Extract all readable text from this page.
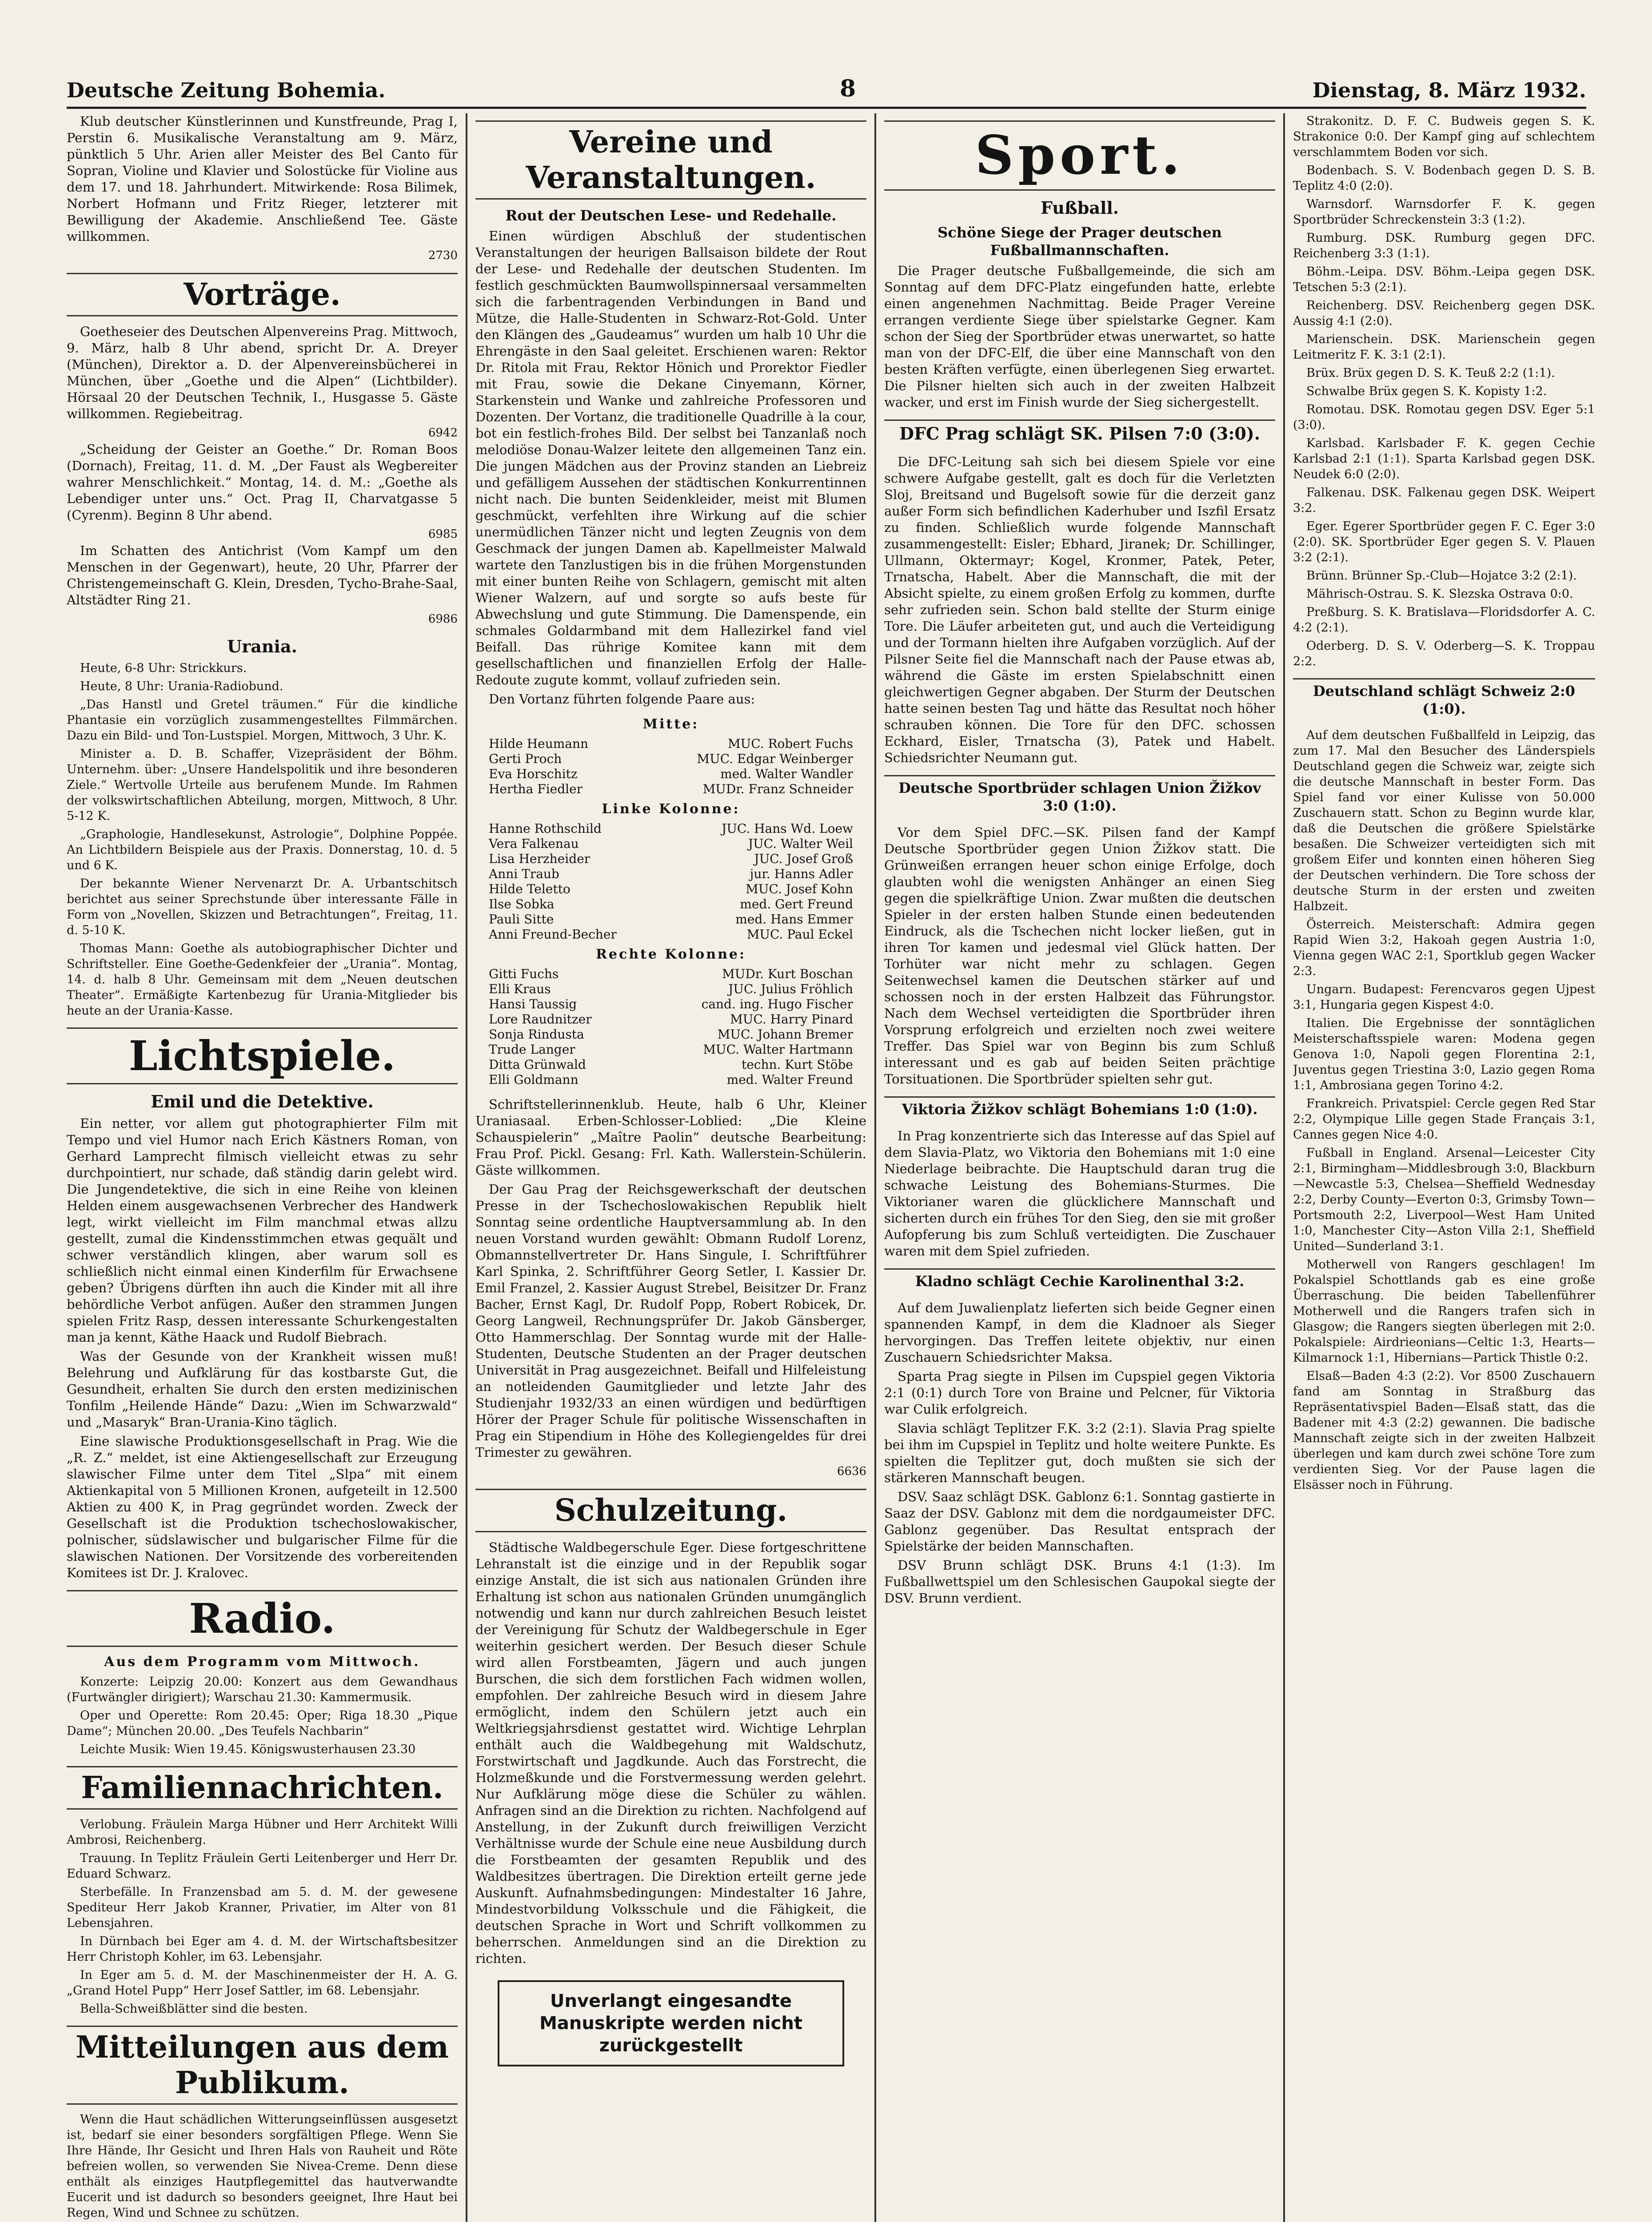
Deutsche Zeitung Bohemia.	8	Dienstag, 8. März 1932.

Klub deutscher Künstlerinnen und Kunstfreunde, Prag I, Perstin 6. Musikalische Veranstaltung am 9. März, pünktlich 5 Uhr. Arien aller Meister des Bel Canto für Sopran, Violine und Klavier und Solostücke für Violine aus dem 17. und 18. Jahrhundert. Mitwirkende: Rosa Bilimek, Norbert Hofmann und Fritz Rieger, letzterer mit Bewilligung der Akademie. Anschließend Tee. Gäste willkommen.

2730
Vorträge.

Goetheseier des Deutschen Alpenvereins Prag. Mittwoch, 9. März, halb 8 Uhr abend, spricht Dr. A. Dreyer (München), Direktor a. D. der Alpenvereinsbücherei in München, über „Goethe und die Alpen“ (Lichtbilder). Hörsaal 20 der Deutschen Technik, I., Husgasse 5. Gäste willkommen. Regiebeitrag.

6942

„Scheidung der Geister an Goethe.“ Dr. Roman Boos (Dornach), Freitag, 11. d. M. „Der Faust als Wegbereiter wahrer Menschlichkeit.“ Montag, 14. d. M.: „Goethe als Lebendiger unter uns.“ Oct. Prag II, Charvatgasse 5 (Cyrenm). Beginn 8 Uhr abend.

6985

Im Schatten des Antichrist (Vom Kampf um den Menschen in der Gegenwart), heute, 20 Uhr, Pfarrer der Christengemeinschaft G. Klein, Dresden, Tycho-Brahe-Saal, Altstädter Ring 21.

6986
Urania.

Heute, 6-8 Uhr: Strickkurs.

Heute, 8 Uhr: Urania-Radiobund.

„Das Hanstl und Gretel träumen.“ Für die kindliche Phantasie ein vorzüglich zusammengestelltes Filmmärchen. Dazu ein Bild- und Ton-Lustspiel. Morgen, Mittwoch, 3 Uhr. K.

Minister a. D. B. Schaffer, Vizepräsident der Böhm. Unternehm. über: „Unsere Handelspolitik und ihre besonderen Ziele.“ Wertvolle Urteile aus berufenem Munde. Im Rahmen der volkswirtschaftlichen Abteilung, morgen, Mittwoch, 8 Uhr. 5-12 K.

„Graphologie, Handlesekunst, Astrologie“, Dolphine Poppée. An Lichtbildern Beispiele aus der Praxis. Donnerstag, 10. d. 5 und 6 K.

Der bekannte Wiener Nervenarzt Dr. A. Urbantschitsch berichtet aus seiner Sprechstunde über interessante Fälle in Form von „Novellen, Skizzen und Betrachtungen“, Freitag, 11. d. 5-10 K.

Thomas Mann: Goethe als autobiographischer Dichter und Schriftsteller. Eine Goethe-Gedenkfeier der „Urania“. Montag, 14. d. halb 8 Uhr. Gemeinsam mit dem „Neuen deutschen Theater“. Ermäßigte Kartenbezug für Urania-Mitglieder bis heute an der Urania-Kasse.

Lichtspiele.
Emil und die Detektive.

Ein netter, vor allem gut photographierter Film mit Tempo und viel Humor nach Erich Kästners Roman, von Gerhard Lamprecht filmisch vielleicht etwas zu sehr durchpointiert, nur schade, daß ständig darin gelebt wird. Die Jungendetektive, die sich in eine Reihe von kleinen Helden einem ausgewachsenen Verbrecher des Handwerk legt, wirkt vielleicht im Film manchmal etwas allzu gestellt, zumal die Kindensstimmchen etwas gequält und schwer verständlich klingen, aber warum soll es schließlich nicht einmal einen Kinderfilm für Erwachsene geben? Übrigens dürften ihn auch die Kinder mit all ihre behördliche Verbot anfügen. Außer den strammen Jungen spielen Fritz Rasp, dessen interessante Schurkengestalten man ja kennt, Käthe Haack und Rudolf Biebrach.

Was der Gesunde von der Krankheit wissen muß! Belehrung und Aufklärung für das kostbarste Gut, die Gesundheit, erhalten Sie durch den ersten medizinischen Tonfilm „Heilende Hände“ Dazu: „Wien im Schwarzwald“ und „Masaryk“ Bran-Urania-Kino täglich.

Eine slawische Produktionsgesellschaft in Prag. Wie die „R. Z.“ meldet, ist eine Aktiengesellschaft zur Erzeugung slawischer Filme unter dem Titel „Slpa“ mit einem Aktienkapital von 5 Millionen Kronen, aufgeteilt in 12.500 Aktien zu 400 K, in Prag gegründet worden. Zweck der Gesellschaft ist die Produktion tschechoslowakischer, polnischer, südslawischer und bulgarischer Filme für die slawischen Nationen. Der Vorsitzende des vorbereitenden Komitees ist Dr. J. Kralovec.

Radio.
Aus dem Programm vom Mittwoch.

Konzerte: Leipzig 20.00: Konzert aus dem Gewandhaus (Furtwängler dirigiert); Warschau 21.30: Kammermusik.

Oper und Operette: Rom 20.45: Oper; Riga 18.30 „Pique Dame“; München 20.00. „Des Teufels Nachbarin“

Leichte Musik: Wien 19.45. Königswusterhausen 23.30

Familiennachrichten.

Verlobung. Fräulein Marga Hübner und Herr Architekt Willi Ambrosi, Reichenberg.

Trauung. In Teplitz Fräulein Gerti Leitenberger und Herr Dr. Eduard Schwarz.

Sterbefälle. In Franzensbad am 5. d. M. der gewesene Spediteur Herr Jakob Kranner, Privatier, im Alter von 81 Lebensjahren.

In Dürnbach bei Eger am 4. d. M. der Wirtschaftsbesitzer Herr Christoph Kohler, im 63. Lebensjahr.

In Eger am 5. d. M. der Maschinenmeister der H. A. G. „Grand Hotel Pupp“ Herr Josef Sattler, im 68. Lebensjahr.

Bella-Schweißblätter sind die besten.

Mitteilungen aus dem Publikum.

Wenn die Haut schädlichen Witterungseinflüssen ausgesetzt ist, bedarf sie einer besonders sorgfältigen Pflege. Wenn Sie Ihre Hände, Ihr Gesicht und Ihren Hals von Rauheit und Röte befreien wollen, so verwenden Sie Nivea-Creme. Denn diese enthält als einziges Hautpflegemittel das hautverwandte Eucerit und ist dadurch so besonders geeignet, Ihre Haut bei Regen, Wind und Schnee zu schützen.

Vereine und Veranstaltungen.
Rout der Deutschen Lese- und Redehalle.

Einen würdigen Abschluß der studentischen Veranstaltungen der heurigen Ballsaison bildete der Rout der Lese- und Redehalle der deutschen Studenten. Im festlich geschmückten Baumwollspinnersaal versammelten sich die farbentragenden Verbindungen in Band und Mütze, die Halle-Studenten in Schwarz-Rot-Gold. Unter den Klängen des „Gaudeamus“ wurden um halb 10 Uhr die Ehrengäste in den Saal geleitet. Erschienen waren: Rektor Dr. Ritola mit Frau, Rektor Hönich und Prorektor Fiedler mit Frau, sowie die Dekane Cinyemann, Körner, Starkenstein und Wanke und zahlreiche Professoren und Dozenten. Der Vortanz, die traditionelle Quadrille à la cour, bot ein festlich-frohes Bild. Der selbst bei Tanzanlaß noch melodiöse Donau-Walzer leitete den allgemeinen Tanz ein. Die jungen Mädchen aus der Provinz standen an Liebreiz und gefälligem Aussehen der städtischen Konkurrentinnen nicht nach. Die bunten Seidenkleider, meist mit Blumen geschmückt, verfehlten ihre Wirkung auf die schier unermüdlichen Tänzer nicht und legten Zeugnis von dem Geschmack der jungen Damen ab. Kapellmeister Malwald wartete den Tanzlustigen bis in die frühen Morgenstunden mit einer bunten Reihe von Schlagern, gemischt mit alten Wiener Walzern, auf und sorgte so aufs beste für Abwechslung und gute Stimmung. Die Damenspende, ein schmales Goldarmband mit dem Hallezirkel fand viel Beifall. Das rührige Komitee kann mit dem gesellschaftlichen und finanziellen Erfolg der Halle-Redoute zugute kommt, vollauf zufrieden sein.

Den Vortanz führten folgende Paare aus:

Mitte:
Hilde Heumann	MUC. Robert Fuchs
Gerti Proch	MUC. Edgar Weinberger
Eva Horschitz	med. Walter Wandler
Hertha Fiedler	MUDr. Franz Schneider
Linke Kolonne:
Hanne Rothschild	JUC. Hans Wd. Loew
Vera Falkenau	JUC. Walter Weil
Lisa Herzheider	JUC. Josef Groß
Anni Traub	jur. Hanns Adler
Hilde Teletto	MUC. Josef Kohn
Ilse Sobka	med. Gert Freund
Pauli Sitte	med. Hans Emmer
Anni Freund-Becher	MUC. Paul Eckel
Rechte Kolonne:
Gitti Fuchs	MUDr. Kurt Boschan
Elli Kraus	JUC. Julius Fröhlich
Hansi Taussig	cand. ing. Hugo Fischer
Lore Raudnitzer	MUC. Harry Pinard
Sonja Rindusta	MUC. Johann Bremer
Trude Langer	MUC. Walter Hartmann
Ditta Grünwald	techn. Kurt Stöbe
Elli Goldmann	med. Walter Freund

Schriftstellerinnenklub. Heute, halb 6 Uhr, Kleiner Uraniasaal. Erben-Schlosser-Loblied: „Die Kleine Schauspielerin“ „Maître Paolin“ deutsche Bearbeitung: Frau Prof. Pickl. Gesang: Frl. Kath. Wallerstein-Schülerin. Gäste willkommen.

Der Gau Prag der Reichsgewerkschaft der deutschen Presse in der Tschechoslowakischen Republik hielt Sonntag seine ordentliche Hauptversammlung ab. In den neuen Vorstand wurden gewählt: Obmann Rudolf Lorenz, Obmannstellvertreter Dr. Hans Singule, I. Schriftführer Karl Spinka, 2. Schriftführer Georg Setler, I. Kassier Dr. Emil Franzel, 2. Kassier August Strebel, Beisitzer Dr. Franz Bacher, Ernst Kagl, Dr. Rudolf Popp, Robert Robicek, Dr. Georg Langweil, Rechnungsprüfer Dr. Jakob Gänsberger, Otto Hammerschlag. Der Sonntag wurde mit der Halle-Studenten, Deutsche Studenten an der Prager deutschen Universität in Prag ausgezeichnet. Beifall und Hilfeleistung an notleidenden Gaumitglieder und letzte Jahr des Studienjahr 1932/33 an einen würdigen und bedürftigen Hörer der Prager Schule für politische Wissenschaften in Prag ein Stipendium in Höhe des Kollegiengeldes für drei Trimester zu gewähren.

6636
Schulzeitung.

Städtische Waldbegerschule Eger. Diese fortgeschrittene Lehranstalt ist die einzige und in der Republik sogar einzige Anstalt, die ist sich aus nationalen Gründen ihre Erhaltung ist schon aus nationalen Gründen unumgänglich notwendig und kann nur durch zahlreichen Besuch leistet der Vereinigung für Schutz der Waldbegerschule in Eger weiterhin gesichert werden. Der Besuch dieser Schule wird allen Forstbeamten, Jägern und auch jungen Burschen, die sich dem forstlichen Fach widmen wollen, empfohlen. Der zahlreiche Besuch wird in diesem Jahre ermöglicht, indem den Schülern jetzt auch ein Weltkriegsjahrsdienst gestattet wird. Wichtige Lehrplan enthält auch die Waldbegehung mit Waldschutz, Forstwirtschaft und Jagdkunde. Auch das Forstrecht, die Holzmeßkunde und die Forstvermessung werden gelehrt. Nur Aufklärung möge diese die Schüler zu wählen. Anfragen sind an die Direktion zu richten. Nachfolgend auf Anstellung, in der Zukunft durch freiwilligen Verzicht Verhältnisse wurde der Schule eine neue Ausbildung durch die Forstbeamten der gesamten Republik und des Waldbesitzes übertragen. Die Direktion erteilt gerne jede Auskunft. Aufnahmsbedingungen: Mindestalter 16 Jahre, Mindestvorbildung Volksschule und die Fähigkeit, die deutschen Sprache in Wort und Schrift vollkommen zu beherrschen. Anmeldungen sind an die Direktion zu richten.

Unverlangt eingesandte Manuskripte werden nicht zurückgestellt
Sport.
Fußball.
Schöne Siege der Prager deutschen Fußballmannschaften.

Die Prager deutsche Fußballgemeinde, die sich am Sonntag auf dem DFC-Platz eingefunden hatte, erlebte einen angenehmen Nachmittag. Beide Prager Vereine errangen verdiente Siege über spielstarke Gegner. Kam schon der Sieg der Sportbrüder etwas unerwartet, so hatte man von der DFC-Elf, die über eine Mannschaft von den besten Kräften verfügte, einen überlegenen Sieg erwartet. Die Pilsner hielten sich auch in der zweiten Halbzeit wacker, und erst im Finish wurde der Sieg sichergestellt.

DFC Prag schlägt SK. Pilsen 7:0 (3:0).

Die DFC-Leitung sah sich bei diesem Spiele vor eine schwere Aufgabe gestellt, galt es doch für die Verletzten Sloj, Breitsand und Bugelsoft sowie für die derzeit ganz außer Form sich befindlichen Kaderhuber und Iszfil Ersatz zu finden. Schließlich wurde folgende Mannschaft zusammengestellt: Eisler; Ebhard, Jiranek; Dr. Schillinger, Ullmann, Oktermayr; Kogel, Kronmer, Patek, Peter, Trnatscha, Habelt. Aber die Mannschaft, die mit der Absicht spielte, zu einem großen Erfolg zu kommen, durfte sehr zufrieden sein. Schon bald stellte der Sturm einige Tore. Die Läufer arbeiteten gut, und auch die Verteidigung und der Tormann hielten ihre Aufgaben vorzüglich. Auf der Pilsner Seite fiel die Mannschaft nach der Pause etwas ab, während die Gäste im ersten Spielabschnitt einen gleichwertigen Gegner abgaben. Der Sturm der Deutschen hatte seinen besten Tag und hätte das Resultat noch höher schrauben können. Die Tore für den DFC. schossen Eckhard, Eisler, Trnatscha (3), Patek und Habelt. Schiedsrichter Neumann gut.

Deutsche Sportbrüder schlagen Union Žižkov 3:0 (1:0).

Vor dem Spiel DFC.—SK. Pilsen fand der Kampf Deutsche Sportbrüder gegen Union Žižkov statt. Die Grünweißen errangen heuer schon einige Erfolge, doch glaubten wohl die wenigsten Anhänger an einen Sieg gegen die spielkräftige Union. Zwar mußten die deutschen Spieler in der ersten halben Stunde einen bedeutenden Eindruck, als die Tschechen nicht locker ließen, gut in ihren Tor kamen und jedesmal viel Glück hatten. Der Torhüter war nicht mehr zu schlagen. Gegen Seitenwechsel kamen die Deutschen stärker auf und schossen noch in der ersten Halbzeit das Führungstor. Nach dem Wechsel verteidigten die Sportbrüder ihren Vorsprung erfolgreich und erzielten noch zwei weitere Treffer. Das Spiel war von Beginn bis zum Schluß interessant und es gab auf beiden Seiten prächtige Torsituationen. Die Sportbrüder spielten sehr gut.

Viktoria Žižkov schlägt Bohemians 1:0 (1:0).

In Prag konzentrierte sich das Interesse auf das Spiel auf dem Slavia-Platz, wo Viktoria den Bohemians mit 1:0 eine Niederlage beibrachte. Die Hauptschuld daran trug die schwache Leistung des Bohemians-Sturmes. Die Viktorianer waren die glücklichere Mannschaft und sicherten durch ein frühes Tor den Sieg, den sie mit großer Aufopferung bis zum Schluß verteidigten. Die Zuschauer waren mit dem Spiel zufrieden.

Kladno schlägt Cechie Karolinenthal 3:2.

Auf dem Juwalienplatz lieferten sich beide Gegner einen spannenden Kampf, in dem die Kladnoer als Sieger hervorgingen. Das Treffen leitete objektiv, nur einen Zuschauern Schiedsrichter Maksa.

Sparta Prag siegte in Pilsen im Cupspiel gegen Viktoria 2:1 (0:1) durch Tore von Braine und Pelcner, für Viktoria war Culik erfolgreich.

Slavia schlägt Teplitzer F.K. 3:2 (2:1). Slavia Prag spielte bei ihm im Cupspiel in Teplitz und holte weitere Punkte. Es spielten die Teplitzer gut, doch mußten sie sich der stärkeren Mannschaft beugen.

DSV. Saaz schlägt DSK. Gablonz 6:1. Sonntag gastierte in Saaz der DSV. Gablonz mit dem die nordgaumeister DFC. Gablonz gegenüber. Das Resultat entsprach der Spielstärke der beiden Mannschaften.

DSV Brunn schlägt DSK. Bruns 4:1 (1:3). Im Fußballwettspiel um den Schlesischen Gaupokal siegte der DSV. Brunn verdient.

Strakonitz. D. F. C. Budweis gegen S. K. Strakonice 0:0. Der Kampf ging auf schlechtem verschlammtem Boden vor sich.

Bodenbach. S. V. Bodenbach gegen D. S. B. Teplitz 4:0 (2:0).

Warnsdorf. Warnsdorfer F. K. gegen Sportbrüder Schreckenstein 3:3 (1:2).

Rumburg. DSK. Rumburg gegen DFC. Reichenberg 3:3 (1:1).

Böhm.-Leipa. DSV. Böhm.-Leipa gegen DSK. Tetschen 5:3 (2:1).

Reichenberg. DSV. Reichenberg gegen DSK. Aussig 4:1 (2:0).

Marienschein. DSK. Marienschein gegen Leitmeritz F. K. 3:1 (2:1).

Brüx. Brüx gegen D. S. K. Teuß 2:2 (1:1).

Schwalbe Brüx gegen S. K. Kopisty 1:2.

Romotau. DSK. Romotau gegen DSV. Eger 5:1 (3:0).

Karlsbad. Karlsbader F. K. gegen Cechie Karlsbad 2:1 (1:1). Sparta Karlsbad gegen DSK. Neudek 6:0 (2:0).

Falkenau. DSK. Falkenau gegen DSK. Weipert 3:2.

Eger. Egerer Sportbrüder gegen F. C. Eger 3:0 (2:0). SK. Sportbrüder Eger gegen S. V. Plauen 3:2 (2:1).

Brünn. Brünner Sp.-Club—Hojatce 3:2 (2:1).

Mährisch-Ostrau. S. K. Slezska Ostrava 0:0.

Preßburg. S. K. Bratislava—Floridsdorfer A. C. 4:2 (2:1).

Oderberg. D. S. V. Oderberg—S. K. Troppau 2:2.

Deutschland schlägt Schweiz 2:0 (1:0).

Auf dem deutschen Fußballfeld in Leipzig, das zum 17. Mal den Besucher des Länderspiels Deutschland gegen die Schweiz war, zeigte sich die deutsche Mannschaft in bester Form. Das Spiel fand vor einer Kulisse von 50.000 Zuschauern statt. Schon zu Beginn wurde klar, daß die Deutschen die größere Spielstärke besaßen. Die Schweizer verteidigten sich mit großem Eifer und konnten einen höheren Sieg der Deutschen verhindern. Die Tore schoss der deutsche Sturm in der ersten und zweiten Halbzeit.

Österreich. Meisterschaft: Admira gegen Rapid Wien 3:2, Hakoah gegen Austria 1:0, Vienna gegen WAC 2:1, Sportklub gegen Wacker 2:3.

Ungarn. Budapest: Ferencvaros gegen Ujpest 3:1, Hungaria gegen Kispest 4:0.

Italien. Die Ergebnisse der sonntäglichen Meisterschaftsspiele waren: Modena gegen Genova 1:0, Napoli gegen Florentina 2:1, Juventus gegen Triestina 3:0, Lazio gegen Roma 1:1, Ambrosiana gegen Torino 4:2.

Frankreich. Privatspiel: Cercle gegen Red Star 2:2, Olympique Lille gegen Stade Français 3:1, Cannes gegen Nice 4:0.

Fußball in England. Arsenal—Leicester City 2:1, Birmingham—Middlesbrough 3:0, Blackburn—Newcastle 5:3, Chelsea—Sheffield Wednesday 2:2, Derby County—Everton 0:3, Grimsby Town—Portsmouth 2:2, Liverpool—West Ham United 1:0, Manchester City—Aston Villa 2:1, Sheffield United—Sunderland 3:1.

Motherwell von Rangers geschlagen! Im Pokalspiel Schottlands gab es eine große Überraschung. Die beiden Tabellenführer Motherwell und die Rangers trafen sich in Glasgow; die Rangers siegten überlegen mit 2:0. Pokalspiele: Airdrieonians—Celtic 1:3, Hearts—Kilmarnock 1:1, Hibernians—Partick Thistle 0:2.

Elsaß—Baden 4:3 (2:2). Vor 8500 Zuschauern fand am Sonntag in Straßburg das Repräsentativspiel Baden—Elsaß statt, das die Badener mit 4:3 (2:2) gewannen. Die badische Mannschaft zeigte sich in der zweiten Halbzeit überlegen und kam durch zwei schöne Tore zum verdienten Sieg. Vor der Pause lagen die Elsässer noch in Führung.
